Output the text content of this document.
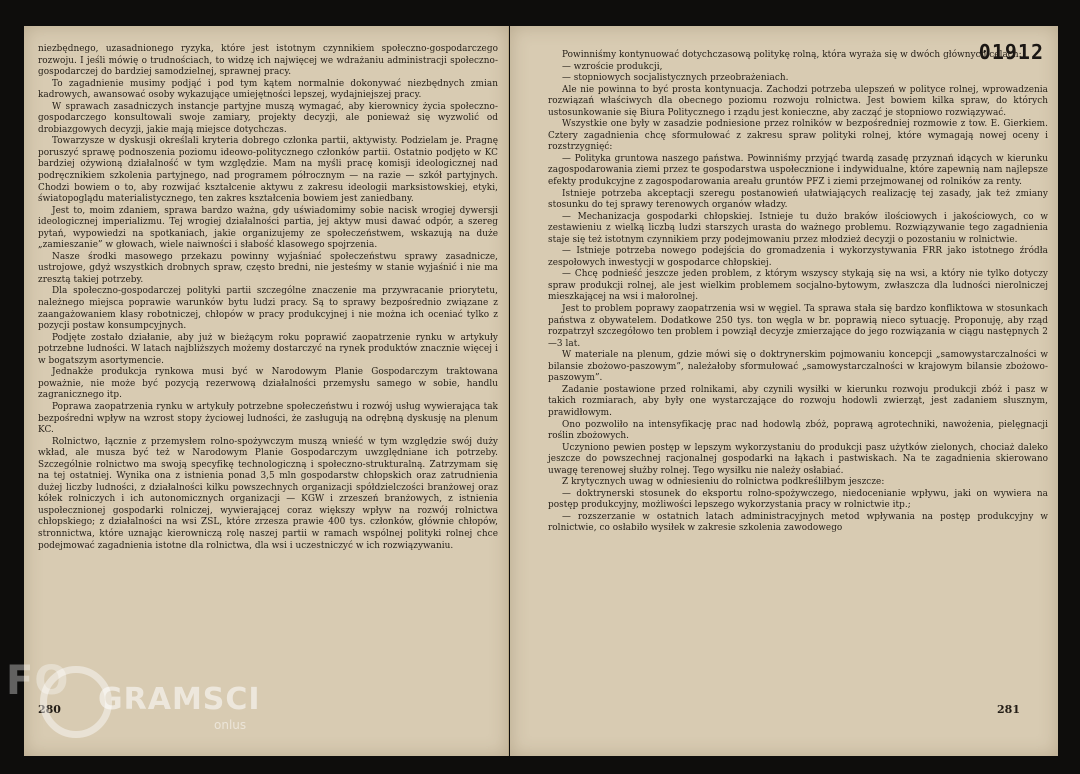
niezbędnego, uzasadnionego ryzyka, które jest istotnym czynnikiem społeczno-gospodarczego rozwoju. I jeśli mówię o trudnościach, to widzę ich najwięcej we wdrażaniu administracji społeczno-gospodarczej do bardziej samodzielnej, sprawnej pracy.

To zagadnienie musimy podjąć i pod tym kątem normalnie dokonywać niezbędnych zmian kadrowych, awansować osoby wykazujące umiejętności lepszej, wydajniejszej pracy.

W sprawach zasadniczych instancje partyjne muszą wymagać, aby kierownicy życia społeczno-gospodarczego konsultowali swoje zamiary, projekty decyzji, ale ponieważ się wyzwolić od drobiazgowych decyzji, jakie mają miejsce dotychczas.

Towarzysze w dyskusji określali kryteria dobrego członka partii, aktywisty. Podzielam je. Pragnę poruszyć sprawę podnoszenia poziomu ideowo-politycznego członków partii. Ostatnio podjęto w KC bardziej ożywioną działalność w tym względzie. Mam na myśli pracę komisji ideologicznej nad podręcznikiem szkolenia partyjnego, nad programem półrocznym — na razie — szkół partyjnych. Chodzi bowiem o to, aby rozwijać kształcenie aktywu z zakresu ideologii marksistowskiej, etyki, światopoglądu materialistycznego, ten zakres kształcenia bowiem jest zaniedbany.

Jest to, moim zdaniem, sprawa bardzo ważna, gdy uświadomimy sobie nacisk wrogiej dywersji ideologicznej imperializmu. Tej wrogiej działalności partia, jej aktyw musi dawać odpór, a szereg pytań, wypowiedzi na spotkaniach, jakie organizujemy ze społeczeństwem, wskazują na duże „zamieszanie” w głowach, wiele naiwności i słabość klasowego spojrzenia.

Nasze środki masowego przekazu powinny wyjaśniać społeczeństwu sprawy zasadnicze, ustrojowe, gdyż wszystkich drobnych spraw, często bredni, nie jesteśmy w stanie wyjaśnić i nie ma zresztą takiej potrzeby.

Dla społeczno-gospodarczej polityki partii szczególne znaczenie ma przywracanie priorytetu, należnego miejsca poprawie warunków bytu ludzi pracy. Są to sprawy bezpośrednio związane z zaangażowaniem klasy robotniczej, chłopów w pracy produkcyjnej i nie można ich oceniać tylko z pozycji postaw konsumpcyjnych.

Podjęte zostało działanie, aby już w bieżącym roku poprawić zaopatrzenie rynku w artykuły potrzebne ludności. W latach najbliższych możemy dostarczyć na rynek produktów znacznie więcej i w bogatszym asortymencie.

Jednakże produkcja rynkowa musi być w Narodowym Planie Gospodarczym traktowana poważnie, nie może być pozycją rezerwową działalności przemysłu samego w sobie, handlu zagranicznego itp.

Poprawa zaopatrzenia rynku w artykuły potrzebne społeczeństwu i rozwój usług wywierająca tak bezpośredni wpływ na wzrost stopy życiowej ludności, że zasługują na odrębną dyskusję na plenum KC.

Rolnictwo, łącznie z przemysłem rolno-spożywczym muszą wnieść w tym względzie swój duży wkład, ale musza być też w Narodowym Planie Gospodarczym uwzględniane ich potrzeby. Szczególnie rolnictwo ma swoją specyfikę technologiczną i społeczno-strukturalną. Zatrzymam się na tej ostatniej. Wynika ona z istnienia ponad 3,5 mln gospodarstw chłopskich oraz zatrudnienia dużej liczby ludności, z działalności kilku powszechnych organizacji spółdzielczości branżowej oraz kółek rolniczych i ich autonomicznych organizacji — KGW i zrzeszeń branżowych, z istnienia uspołecznionej gospodarki rolniczej, wywierającej coraz większy wpływ na rozwój rolnictwa chłopskiego; z działalności na wsi ZSL, które zrzesza prawie 400 tys. członków, głównie chłopów, stronnictwa, które uznając kierowniczą rolę naszej partii w ramach wspólnej polityki rolnej chce podejmować zagadnienia istotne dla rolnictwa, dla wsi i uczestniczyć w ich rozwiązywaniu.

280
01912

Powinniśmy kontynuować dotychczasową politykę rolną, która wyraża się w dwóch głównych celach:

— wzroście produkcji,

— stopniowych socjalistycznych przeobrażeniach.

Ale nie powinna to być prosta kontynuacja. Zachodzi potrzeba ulepszeń w polityce rolnej, wprowadzenia rozwiązań właściwych dla obecnego poziomu rozwoju rolnictwa. Jest bowiem kilka spraw, do których ustosunkowanie się Biura Politycznego i rządu jest konieczne, aby zacząć je stopniowo rozwiązywać.

Wszystkie one były w zasadzie podniesione przez rolników w bezpośredniej rozmowie z tow. E. Gierkiem. Cztery zagadnienia chcę sformułować z zakresu spraw polityki rolnej, które wymagają nowej oceny i rozstrzygnięć:

— Polityka gruntowa naszego państwa. Powinniśmy przyjąć twardą zasadę przyznań idących w kierunku zagospodarowania ziemi przez te gospodarstwa uspołecznione i indywidualne, które zapewnią nam najlepsze efekty produkcyjne z zagospodarowania areału gruntów PFZ i ziemi przejmowanej od rolników za renty.

Istnieje potrzeba akceptacji szeregu postanowień ułatwiających realizację tej zasady, jak też zmiany stosunku do tej sprawy terenowych organów władzy.

— Mechanizacja gospodarki chłopskiej. Istnieje tu dużo braków ilościowych i jakościowych, co w zestawieniu z wielką liczbą ludzi starszych urasta do ważnego problemu. Rozwiązywanie tego zagadnienia staje się też istotnym czynnikiem przy podejmowaniu przez młodzież decyzji o pozostaniu w rolnictwie.

— Istnieje potrzeba nowego podejścia do gromadzenia i wykorzystywania FRR jako istotnego źródła zespołowych inwestycji w gospodarce chłopskiej.

— Chcę podnieść jeszcze jeden problem, z którym wszyscy stykają się na wsi, a który nie tylko dotyczy spraw produkcji rolnej, ale jest wielkim problemem socjalno-bytowym, zwłaszcza dla ludności nierolniczej mieszkającej na wsi i małorolnej.

Jest to problem poprawy zaopatrzenia wsi w węgiel. Ta sprawa stała się bardzo konfliktowa w stosunkach państwa z obywatelem. Dodatkowe 250 tys. ton węgla w br. poprawią nieco sytuację. Proponuję, aby rząd rozpatrzył szczegółowo ten problem i powziął decyzje zmierzające do jego rozwiązania w ciągu następnych 2—3 lat.

W materiale na plenum, gdzie mówi się o doktrynerskim pojmowaniu koncepcji „samowystarczalności w bilansie zbożowo-paszowym”, należałoby sformułować „samowystarczalności w krajowym bilansie zbożowo-paszowym”.

Zadanie postawione przed rolnikami, aby czynili wysiłki w kierunku rozwoju produkcji zbóż i pasz w takich rozmiarach, aby były one wystarczające do rozwoju hodowli zwierząt, jest zadaniem słusznym, prawidłowym.

Ono pozwoliło na intensyfikację prac nad hodowlą zbóż, poprawą agrotechniki, nawożenia, pielęgnacji roślin zbożowych.

Uczyniono pewien postęp w lepszym wykorzystaniu do produkcji pasz użytków zielonych, chociaż daleko jeszcze do powszechnej racjonalnej gospodarki na łąkach i pastwiskach. Na te zagadnienia skierowano uwagę terenowej służby rolnej. Tego wysiłku nie należy osłabiać.

Z krytycznych uwag w odniesieniu do rolnictwa podkreśliłbym jeszcze:

— doktrynerski stosunek do eksportu rolno-spożywczego, niedocenianie wpływu, jaki on wywiera na postęp produkcyjny, możliwości lepszego wykorzystania pracy w rolnictwie itp.;

— rozszerzanie w ostatnich latach administracyjnych metod wpływania na postęp produkcyjny w rolnictwie, co osłabiło wysiłek w zakresie szkolenia zawodowego

281
FO GRAMSCI
onlus
